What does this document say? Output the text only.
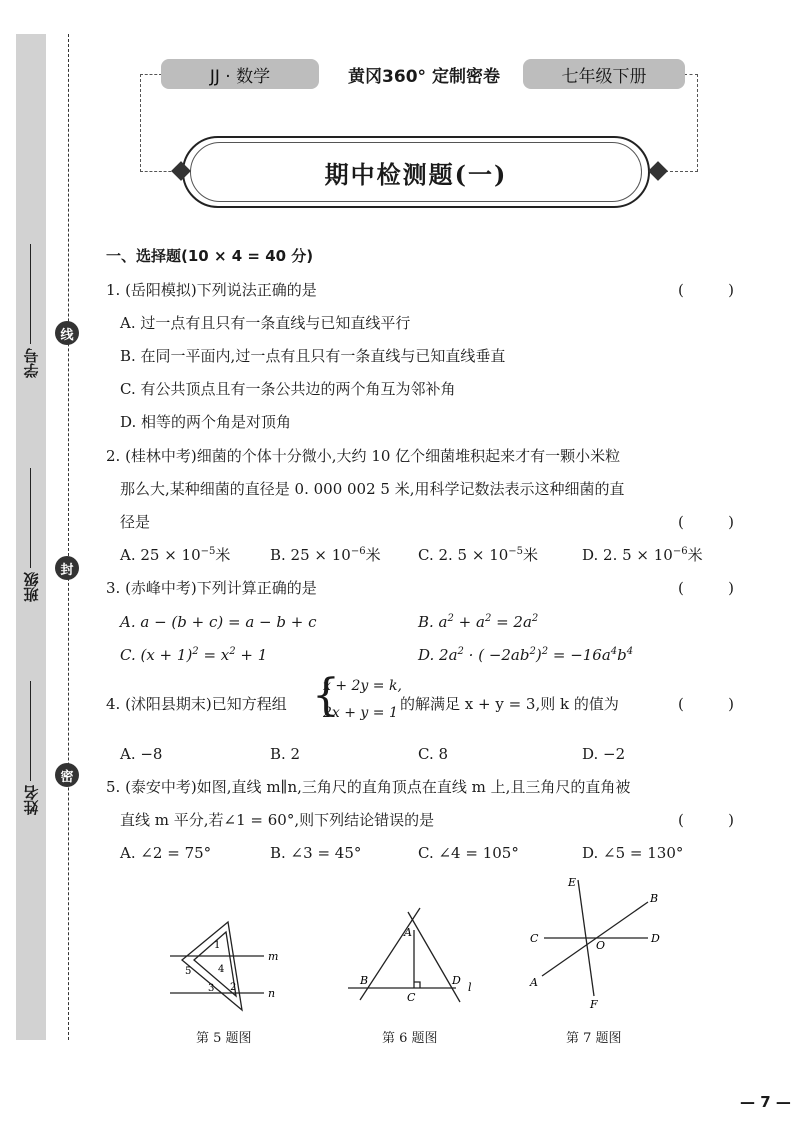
线
封
密
学号
班级
姓名
JJ · 数学	黄冈360° 定制密卷	七年级下册
期中检测题(一)
一、选择题(10 × 4 = 40 分)
1. (岳阳模拟)下列说法正确的是	(	)
A. 过一点有且只有一条直线与已知直线平行
B. 在同一平面内,过一点有且只有一条直线与已知直线垂直
C. 有公共顶点且有一条公共边的两个角互为邻补角
D. 相等的两个角是对顶角
2. (桂林中考)细菌的个体十分微小,大约 10 亿个细菌堆积起来才有一颗小米粒
那么大,某种细菌的直径是 0. 000 002 5 米,用科学记数法表示这种细菌的直
径是	(	)
A. $25 \times 10^{-5}$米	B. $25 \times 10^{-6}$米 C. 2. $5 \times 10^{-5}$米	D. 2. $5 \times 10^{-6}$米
3. (赤峰中考)下列计算正确的是	(	)
A. a − (b + c) = a − b + c	B. $a^2 + a^2 = 2a^2$
C. $(x + 1)^2 = x^2 + 1$	D. $2a^2$ · ( $-2ab^2)^2 = -16a^4b^4$
4. (沭阳县期末)已知方程组 {
x + 2y = k,
2x + y = 1 的解满足 x + y = 3,则 k 的值为	(	)
A. −8	B. 2	C. 8	D. −2
5. (泰安中考)如图,直线 m∥n,三角尺的直角顶点在直线 m 上,且三角尺的直角被
直线 m 平分,若∠1 = 60°,则下列结论错误的是	(	)
A. ∠2 = 75°	B. ∠3 = 45°	C. ∠4 = 105°	D. ∠5 = 130°
1
4
5
3 2
m
n
第 5 题图
A
B	D
C
l
第 6 题图
E
B
C
O
D
A
F
第 7 题图
— 7 —
